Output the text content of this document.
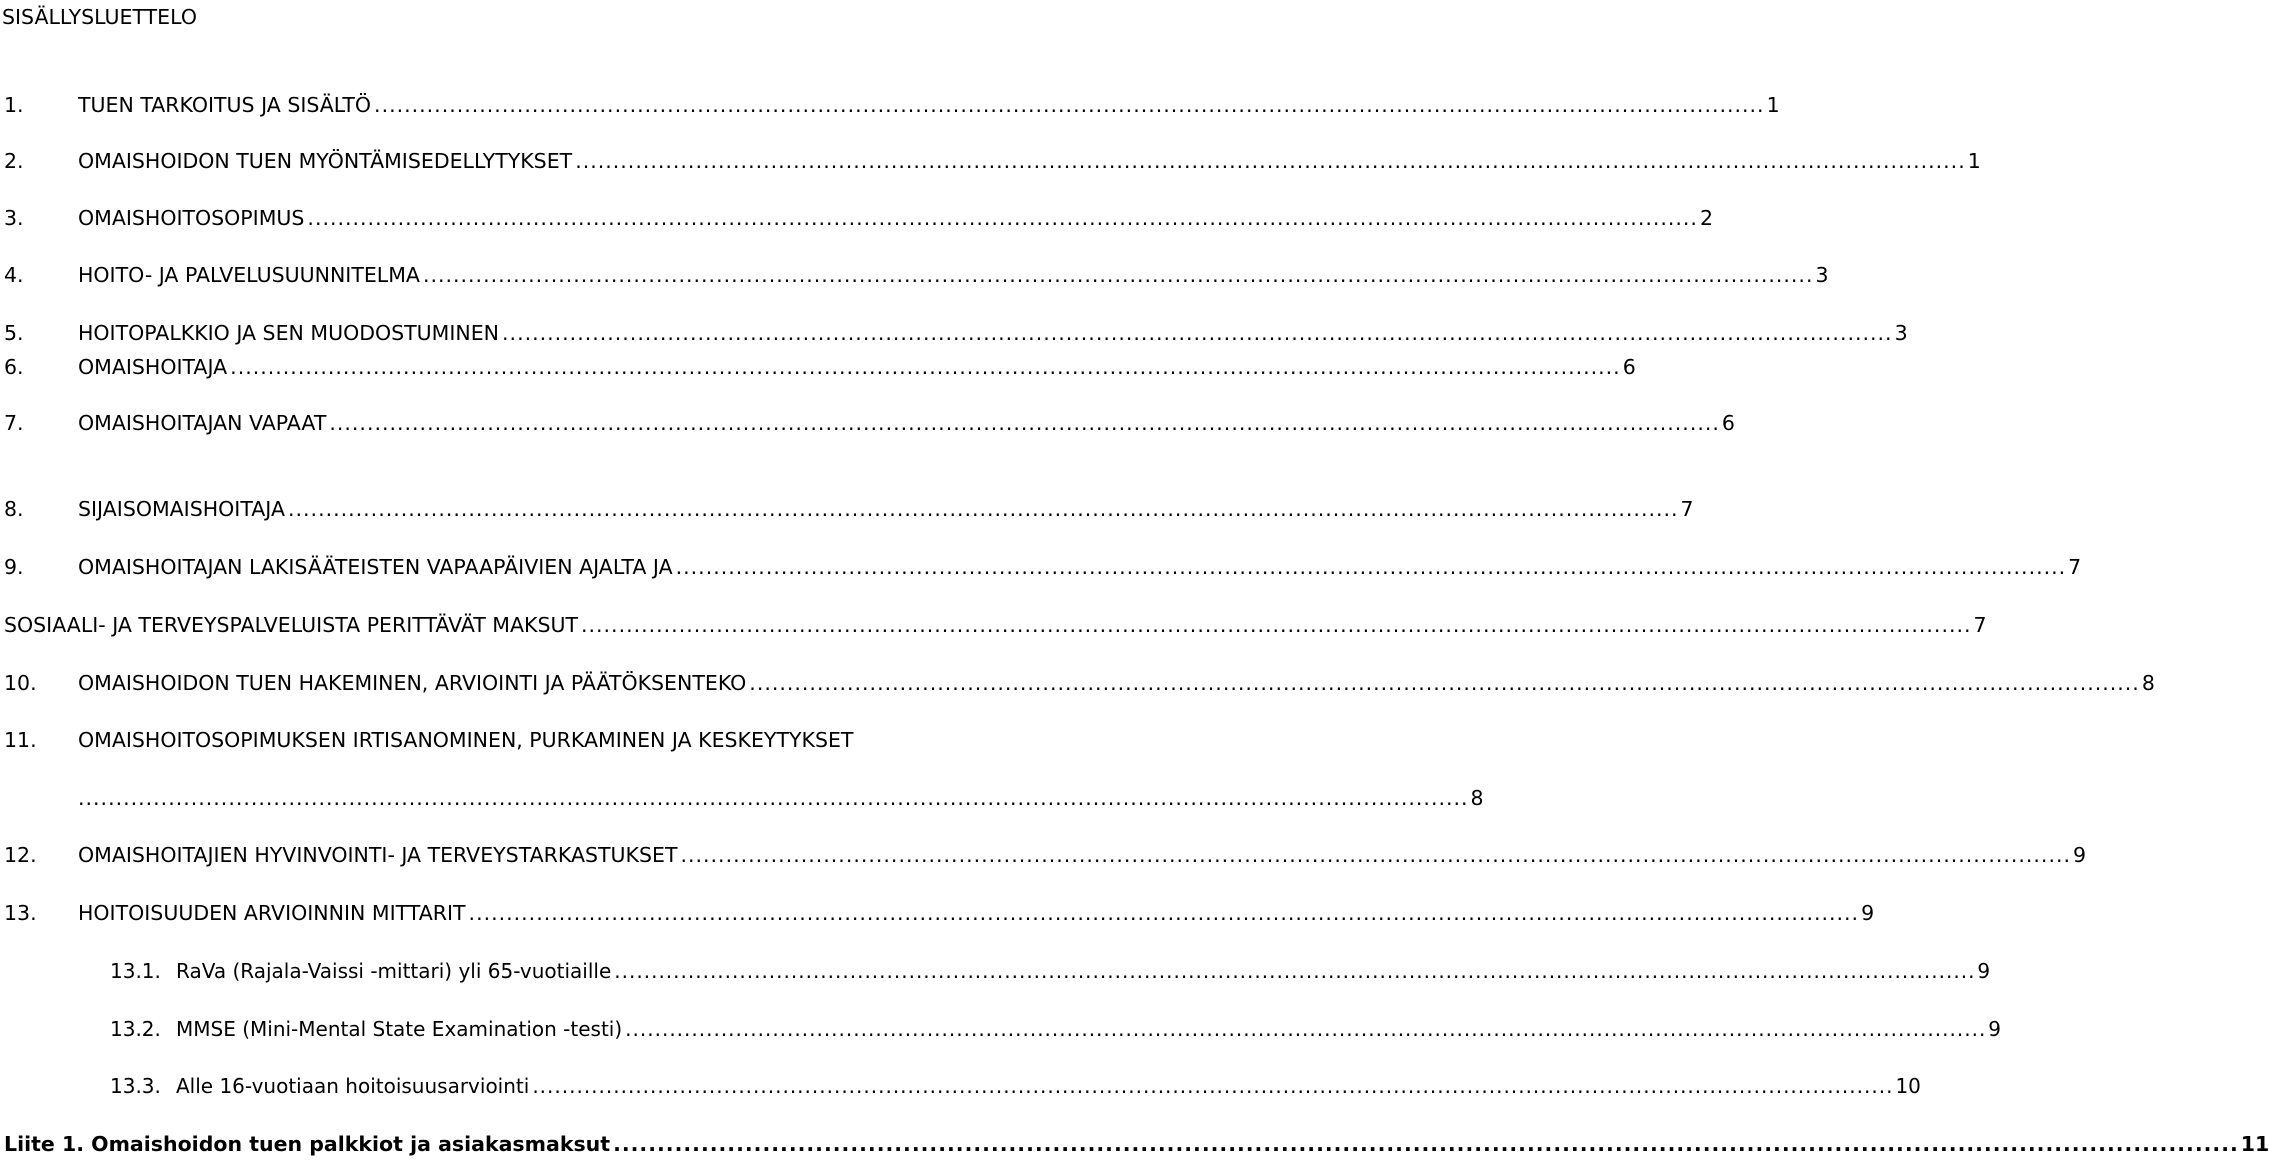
SISÄLLYSLUETTELO
1.	TUEN TARKOITUS JA SISÄLTÖ ......................................................................................................................................................................................... 1
2.	OMAISHOIDON TUEN MYÖNTÄMISEDELLYTYKSET ......................................................................................................................................................................................... 1
3.	OMAISHOITOSOPIMUS ......................................................................................................................................................................................... 2
4.	HOITO- JA PALVELUSUUNNITELMA ......................................................................................................................................................................................... 3
5.	HOITOPALKKIO JA SEN MUODOSTUMINEN ......................................................................................................................................................................................... 3
6.	OMAISHOITAJA ......................................................................................................................................................................................... 6
7.	OMAISHOITAJAN VAPAAT ......................................................................................................................................................................................... 6
8.	SIJAISOMAISHOITAJA ......................................................................................................................................................................................... 7
9.	OMAISHOITAJAN LAKISÄÄTEISTEN VAPAAPÄIVIEN AJALTA JA ......................................................................................................................................................................................... 7
SOSIAALI- JA TERVEYSPALVELUISTA PERITTÄVÄT MAKSUT ......................................................................................................................................................................................... 7
10. OMAISHOIDON TUEN HAKEMINEN, ARVIOINTI JA PÄÄTÖKSENTEKO ......................................................................................................................................................................................... 8
11. OMAISHOITOSOPIMUKSEN IRTISANOMINEN, PURKAMINEN JA KESKEYTYKSET
......................................................................................................................................................................................... 8
12. OMAISHOITAJIEN HYVINVOINTI- JA TERVEYSTARKASTUKSET ......................................................................................................................................................................................... 9
13. HOITOISUUDEN ARVIOINNIN MITTARIT ......................................................................................................................................................................................... 9
13.1. RaVa (Rajala-Vaissi -mittari) yli 65-vuotiaille ......................................................................................................................................................................................... 9
13.2. MMSE (Mini-Mental State Examination -testi) ......................................................................................................................................................................................... 9
13.3. Alle 16-vuotiaan hoitoisuusarviointi ......................................................................................................................................................................................... 10
Liite 1. Omaishoidon tuen palkkiot ja asiakasmaksut ......................................................................................................................................................................................... 11
